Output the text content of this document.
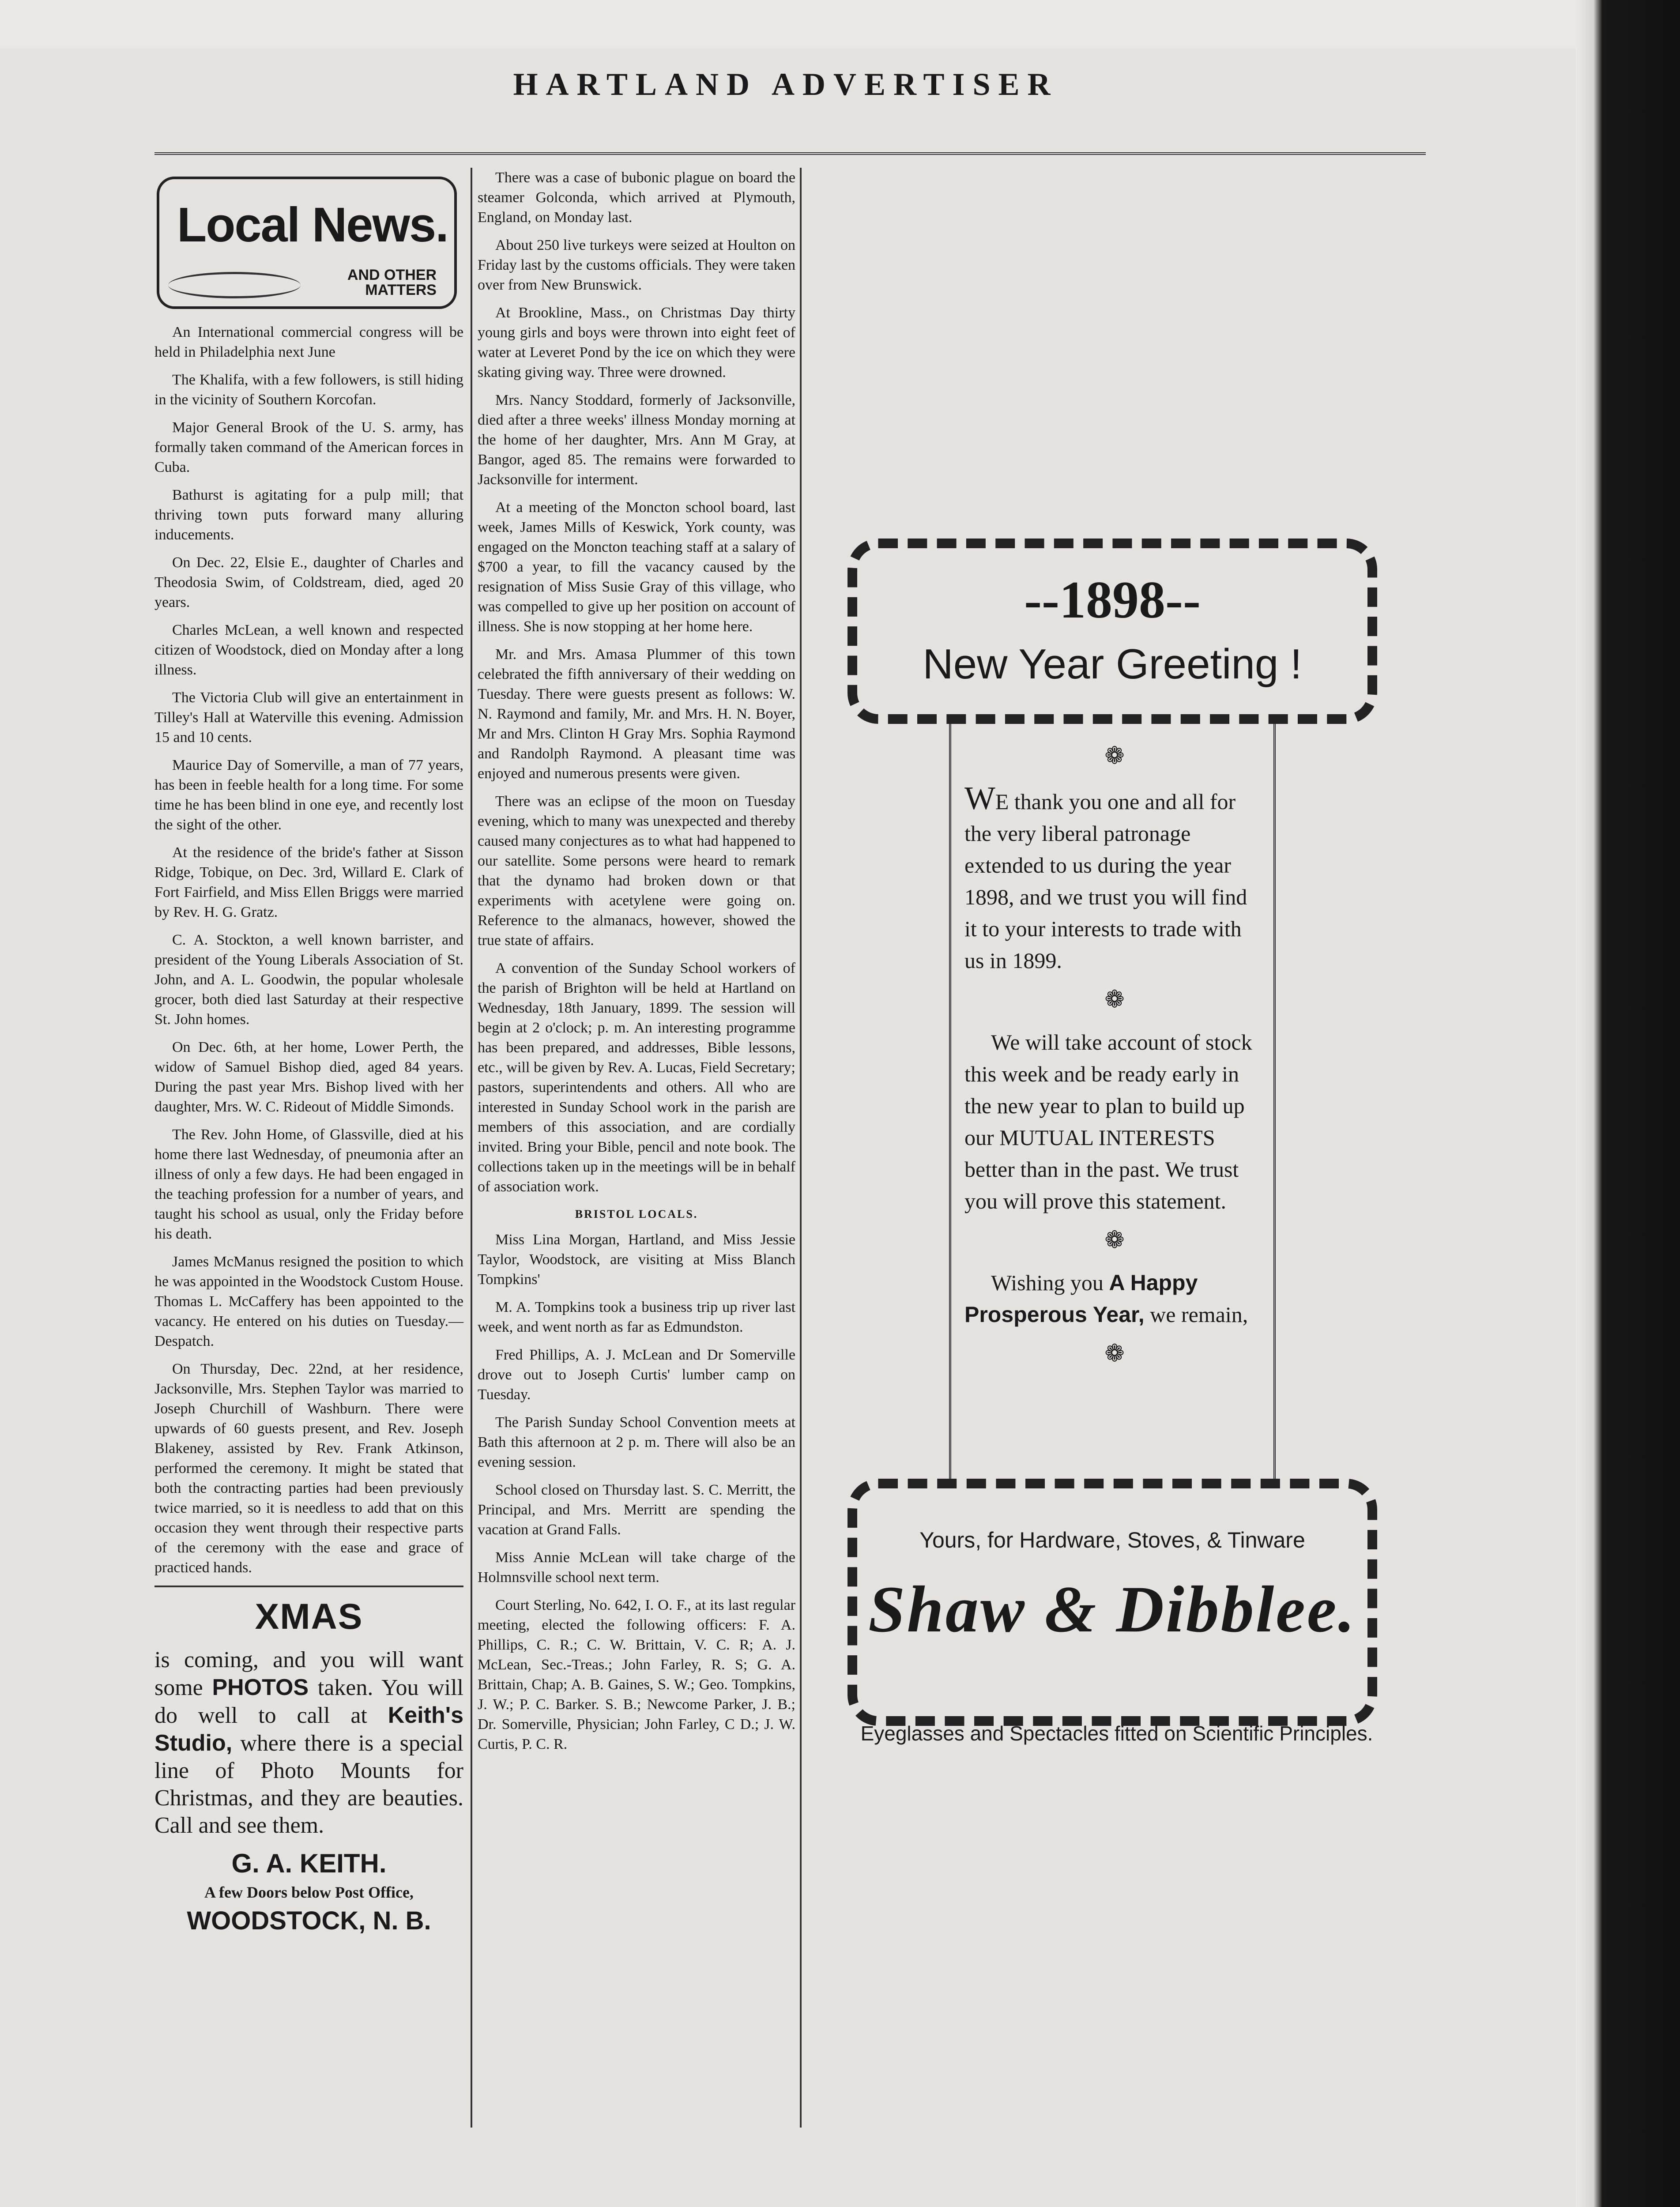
HARTLAND ADVERTISER
Local News.
AND OTHER
MATTERS

An International commercial congress will be held in Philadelphia next June

The Khalifa, with a few followers, is still hiding in the vicinity of Southern Korcofan.

Major General Brook of the U. S. army, has formally taken command of the American forces in Cuba.

Bathurst is agitating for a pulp mill; that thriving town puts forward many alluring inducements.

On Dec. 22, Elsie E., daughter of Charles and Theodosia Swim, of Coldstream, died, aged 20 years.

Charles McLean, a well known and respected citizen of Woodstock, died on Monday after a long illness.

The Victoria Club will give an entertainment in Tilley's Hall at Waterville this evening. Admission 15 and 10 cents.

Maurice Day of Somerville, a man of 77 years, has been in feeble health for a long time. For some time he has been blind in one eye, and recently lost the sight of the other.

At the residence of the bride's father at Sisson Ridge, Tobique, on Dec. 3rd, Willard E. Clark of Fort Fairfield, and Miss Ellen Briggs were married by Rev. H. G. Gratz.

C. A. Stockton, a well known barrister, and president of the Young Liberals Association of St. John, and A. L. Goodwin, the popular wholesale grocer, both died last Saturday at their respective St. John homes.

On Dec. 6th, at her home, Lower Perth, the widow of Samuel Bishop died, aged 84 years. During the past year Mrs. Bishop lived with her daughter, Mrs. W. C. Rideout of Middle Simonds.

The Rev. John Home, of Glassville, died at his home there last Wednesday, of pneumonia after an illness of only a few days. He had been engaged in the teaching profession for a number of years, and taught his school as usual, only the Friday before his death.

James McManus resigned the position to which he was appointed in the Woodstock Custom House. Thomas L. McCaffery has been appointed to the vacancy. He entered on his duties on Tuesday.—Despatch.

On Thursday, Dec. 22nd, at her residence, Jacksonville, Mrs. Stephen Taylor was married to Joseph Churchill of Washburn. There were upwards of 60 guests present, and Rev. Joseph Blakeney, assisted by Rev. Frank Atkinson, performed the ceremony. It might be stated that both the contracting parties had been previously twice married, so it is needless to add that on this occasion they went through their respective parts of the ceremony with the ease and grace of practiced hands.

XMAS
is coming, and you will want some PHOTOS taken. You will do well to call at Keith's Studio, where there is a special line of Photo Mounts for Christmas, and they are beauties. Call and see them.
G. A. KEITH.
A few Doors below Post Office,
WOODSTOCK, N. B.

There was a case of bubonic plague on board the steamer Golconda, which arrived at Plymouth, England, on Monday last.

About 250 live turkeys were seized at Houlton on Friday last by the customs officials. They were taken over from New Brunswick.

At Brookline, Mass., on Christmas Day thirty young girls and boys were thrown into eight feet of water at Leveret Pond by the ice on which they were skating giving way. Three were drowned.

Mrs. Nancy Stoddard, formerly of Jacksonville, died after a three weeks' illness Monday morning at the home of her daughter, Mrs. Ann M Gray, at Bangor, aged 85. The remains were forwarded to Jacksonville for interment.

At a meeting of the Moncton school board, last week, James Mills of Keswick, York county, was engaged on the Moncton teaching staff at a salary of $700 a year, to fill the vacancy caused by the resignation of Miss Susie Gray of this village, who was compelled to give up her position on account of illness. She is now stopping at her home here.

Mr. and Mrs. Amasa Plummer of this town celebrated the fifth anniversary of their wedding on Tuesday. There were guests present as follows: W. N. Raymond and family, Mr. and Mrs. H. N. Boyer, Mr and Mrs. Clinton H Gray Mrs. Sophia Raymond and Randolph Raymond. A pleasant time was enjoyed and numerous presents were given.

There was an eclipse of the moon on Tuesday evening, which to many was unexpected and thereby caused many conjectures as to what had happened to our satellite. Some persons were heard to remark that the dynamo had broken down or that experiments with acetylene were going on. Reference to the almanacs, however, showed the true state of affairs.

A convention of the Sunday School workers of the parish of Brighton will be held at Hartland on Wednesday, 18th January, 1899. The session will begin at 2 o'clock; p. m. An interesting programme has been prepared, and addresses, Bible lessons, etc., will be given by Rev. A. Lucas, Field Secretary; pastors, superintendents and others. All who are interested in Sunday School work in the parish are members of this association, and are cordially invited. Bring your Bible, pencil and note book. The collections taken up in the meetings will be in behalf of association work.

BRISTOL LOCALS.

Miss Lina Morgan, Hartland, and Miss Jessie Taylor, Woodstock, are visiting at Miss Blanch Tompkins'

M. A. Tompkins took a business trip up river last week, and went north as far as Edmundston.

Fred Phillips, A. J. McLean and Dr Somerville drove out to Joseph Curtis' lumber camp on Tuesday.

The Parish Sunday School Convention meets at Bath this afternoon at 2 p. m. There will also be an evening session.

School closed on Thursday last. S. C. Merritt, the Principal, and Mrs. Merritt are spending the vacation at Grand Falls.

Miss Annie McLean will take charge of the Holmnsville school next term.

Court Sterling, No. 642, I. O. F., at its last regular meeting, elected the following officers: F. A. Phillips, C. R.; C. W. Brittain, V. C. R; A. J. McLean, Sec.-Treas.; John Farley, R. S; G. A. Brittain, Chap; A. B. Gaines, S. W.; Geo. Tompkins, J. W.; P. C. Barker. S. B.; Newcome Parker, J. B.; Dr. Somerville, Physician; John Farley, C D.; J. W. Curtis, P. C. R.

--1898--
New Year Greeting !
❁

WE thank you one and all for the very liberal patronage extended to us during the year 1898, and we trust you will find it to your interests to trade with us in 1899.

❁

We will take account of stock this week and be ready early in the new year to plan to build up our MUTUAL INTERESTS better than in the past. We trust you will prove this statement.

❁

Wishing you A Happy Prosperous Year, we remain,

❁
Yours, for Hardware, Stoves, & Tinware
Shaw & Dibblee.
Eyeglasses and Spectacles fitted on Scientific Principles.
